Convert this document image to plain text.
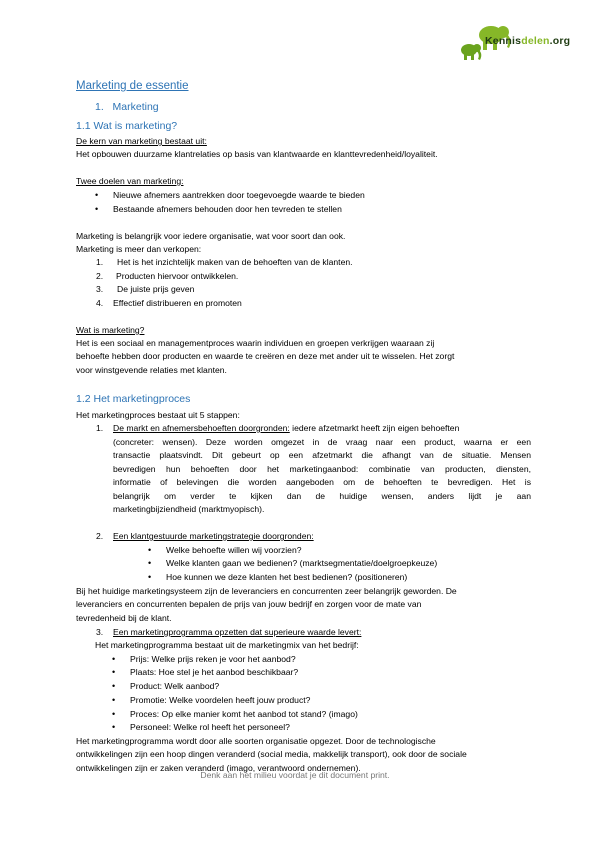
Kennisdelen.org
Marketing de essentie
1. Marketing
1.1 Wat is marketing?
De kern van marketing bestaat uit:
Het opbouwen duurzame klantrelaties op basis van klantwaarde en klanttevredenheid/loyaliteit.
Twee doelen van marketing:
• Nieuwe afnemers aantrekken door toegevoegde waarde te bieden
• Bestaande afnemers behouden door hen tevreden te stellen
Marketing is belangrijk voor iedere organisatie, wat voor soort dan ook.
Marketing is meer dan verkopen:
1. Het is het inzichtelijk maken van de behoeften van de klanten.
2. Producten hiervoor ontwikkelen.
3. De juiste prijs geven
4. Effectief distribueren en promoten
Wat is marketing?
Het is een sociaal en managementproces waarin individuen en groepen verkrijgen waaraan zij
behoefte hebben door producten en waarde te creëren en deze met ander uit te wisselen. Het zorgt
voor winstgevende relaties met klanten.
1.2 Het marketingproces
Het marketingproces bestaat uit 5 stappen:
1. De markt en afnemersbehoeften doorgronden: iedere afzetmarkt heeft zijn eigen behoeften
(concreter: wensen). Deze worden omgezet in de vraag naar een product, waarna er een
transactie plaatsvindt. Dit gebeurt op een afzetmarkt die afhangt van de situatie. Mensen
bevredigen hun behoeften door het marketingaanbod: combinatie van producten, diensten,
informatie of belevingen die worden aangeboden om de behoeften te bevredigen. Het is
belangrijk om verder te kijken dan de huidige wensen, anders lijdt je aan
marketingbijziendheid (marktmyopisch).
2. Een klantgestuurde marketingstrategie doorgronden:
• Welke behoefte willen wij voorzien?
• Welke klanten gaan we bedienen? (marktsegmentatie/doelgroepkeuze)
• Hoe kunnen we deze klanten het best bedienen? (positioneren)
Bij het huidige marketingsysteem zijn de leveranciers en concurrenten zeer belangrijk geworden. De
leveranciers en concurrenten bepalen de prijs van jouw bedrijf en zorgen voor de mate van
tevredenheid bij de klant.
3. Een marketingprogramma opzetten dat superieure waarde levert:
Het marketingprogramma bestaat uit de marketingmix van het bedrijf:
• Prijs: Welke prijs reken je voor het aanbod?
• Plaats: Hoe stel je het aanbod beschikbaar?
• Product: Welk aanbod?
• Promotie: Welke voordelen heeft jouw product?
• Proces: Op elke manier komt het aanbod tot stand? (imago)
• Personeel: Welke rol heeft het personeel?
Het marketingprogramma wordt door alle soorten organisatie opgezet. Door de technologische
ontwikkelingen zijn een hoop dingen veranderd (social media, makkelijk transport), ook door de sociale
ontwikkelingen zijn er zaken veranderd (imago, verantwoord ondernemen).
Denk aan het milieu voordat je dit document print.
